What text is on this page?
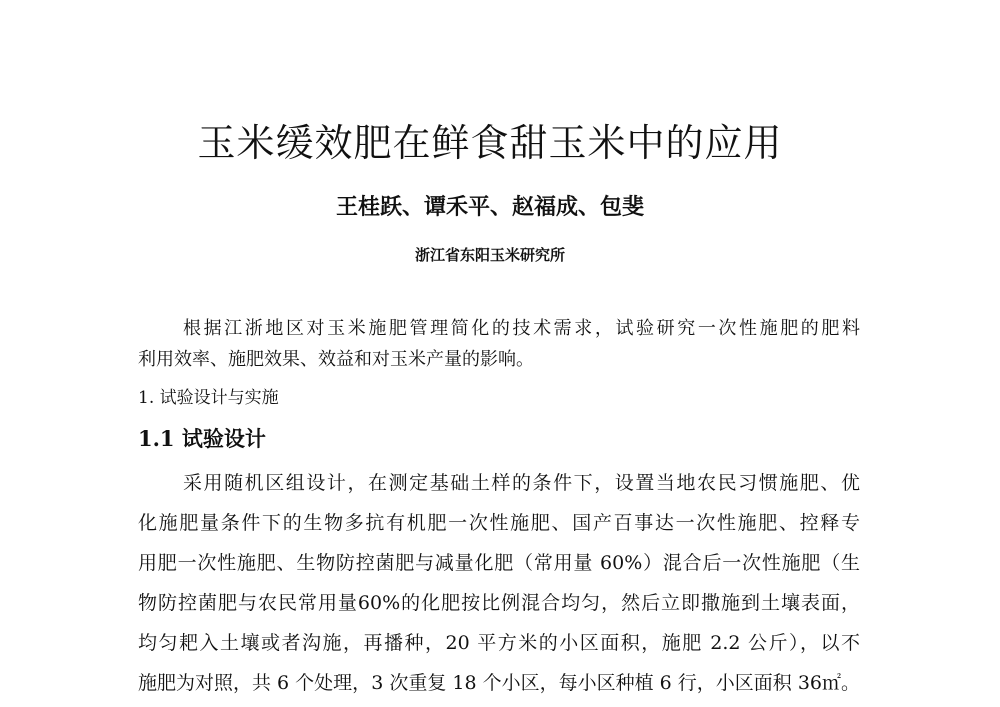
玉米缓效肥在鲜食甜玉米中的应用
王桂跃、谭禾平、赵福成、包斐
浙江省东阳玉米研究所
根据江浙地区对玉米施肥管理简化的技术需求，试验研究一次性施肥的肥料
利用效率、施肥效果、效益和对玉米产量的影响。
1. 试验设计与实施
1.1 试验设计
采用随机区组设计，在测定基础土样的条件下，设置当地农民习惯施肥、优
化施肥量条件下的生物多抗有机肥一次性施肥、国产百事达一次性施肥、控释专
用肥一次性施肥、生物防控菌肥与减量化肥（常用量 60%）混合后一次性施肥（生
物防控菌肥与农民常用量60%的化肥按比例混合均匀，然后立即撒施到土壤表面，
均匀耙入土壤或者沟施，再播种，20 平方米的小区面积，施肥 2.2 公斤），以不
施肥为对照，共 6 个处理，3 次重复 18 个小区，每小区种植 6 行，小区面积 36㎡。
